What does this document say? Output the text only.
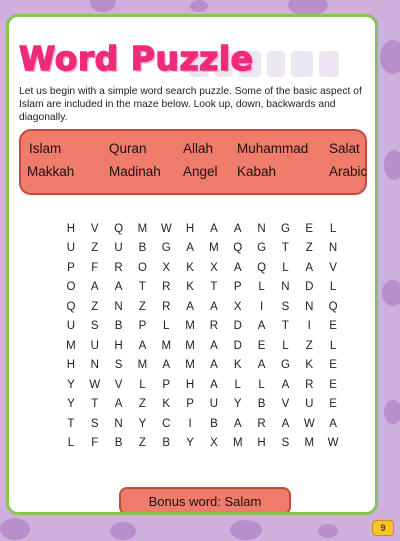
Word Puzzle

Let us begin with a simple word search puzzle. Some of the basic aspect of Islam are included in the maze below. Look up, down, backwards and diagonally.

Islam	Quran	Allah Muhammad Salat
Makkah	Madinah Angel Kabah	Arabic
H	V	Q	M	W	H	A	A	N	G	E	L
U	Z	U	B	G	A	M	Q	G	T	Z	N
P	F	R	O	X	K	X	A	Q	L	A	V
O	A	A	T	R	K	T	P	L	N	D	L
Q	Z	N	Z	R	A	A	X	I	S	N	Q
U	S	B	P	L	M	R	D	A	T	I	E
M	U	H	A	M	M	A	D	E	L	Z	L
H	N	S	M	A	M	A	K	A	G	K	E
Y	W	V	L	P	H	A	L	L	A	R	E
Y	T	A	Z	K	P	U	Y	B	V	U	E
T	S	N	Y	C	I	B	A	R	A	W	A
L	F	B	Z	B	Y	X	M	H	S	M	W
Bonus word:
Salam
9
